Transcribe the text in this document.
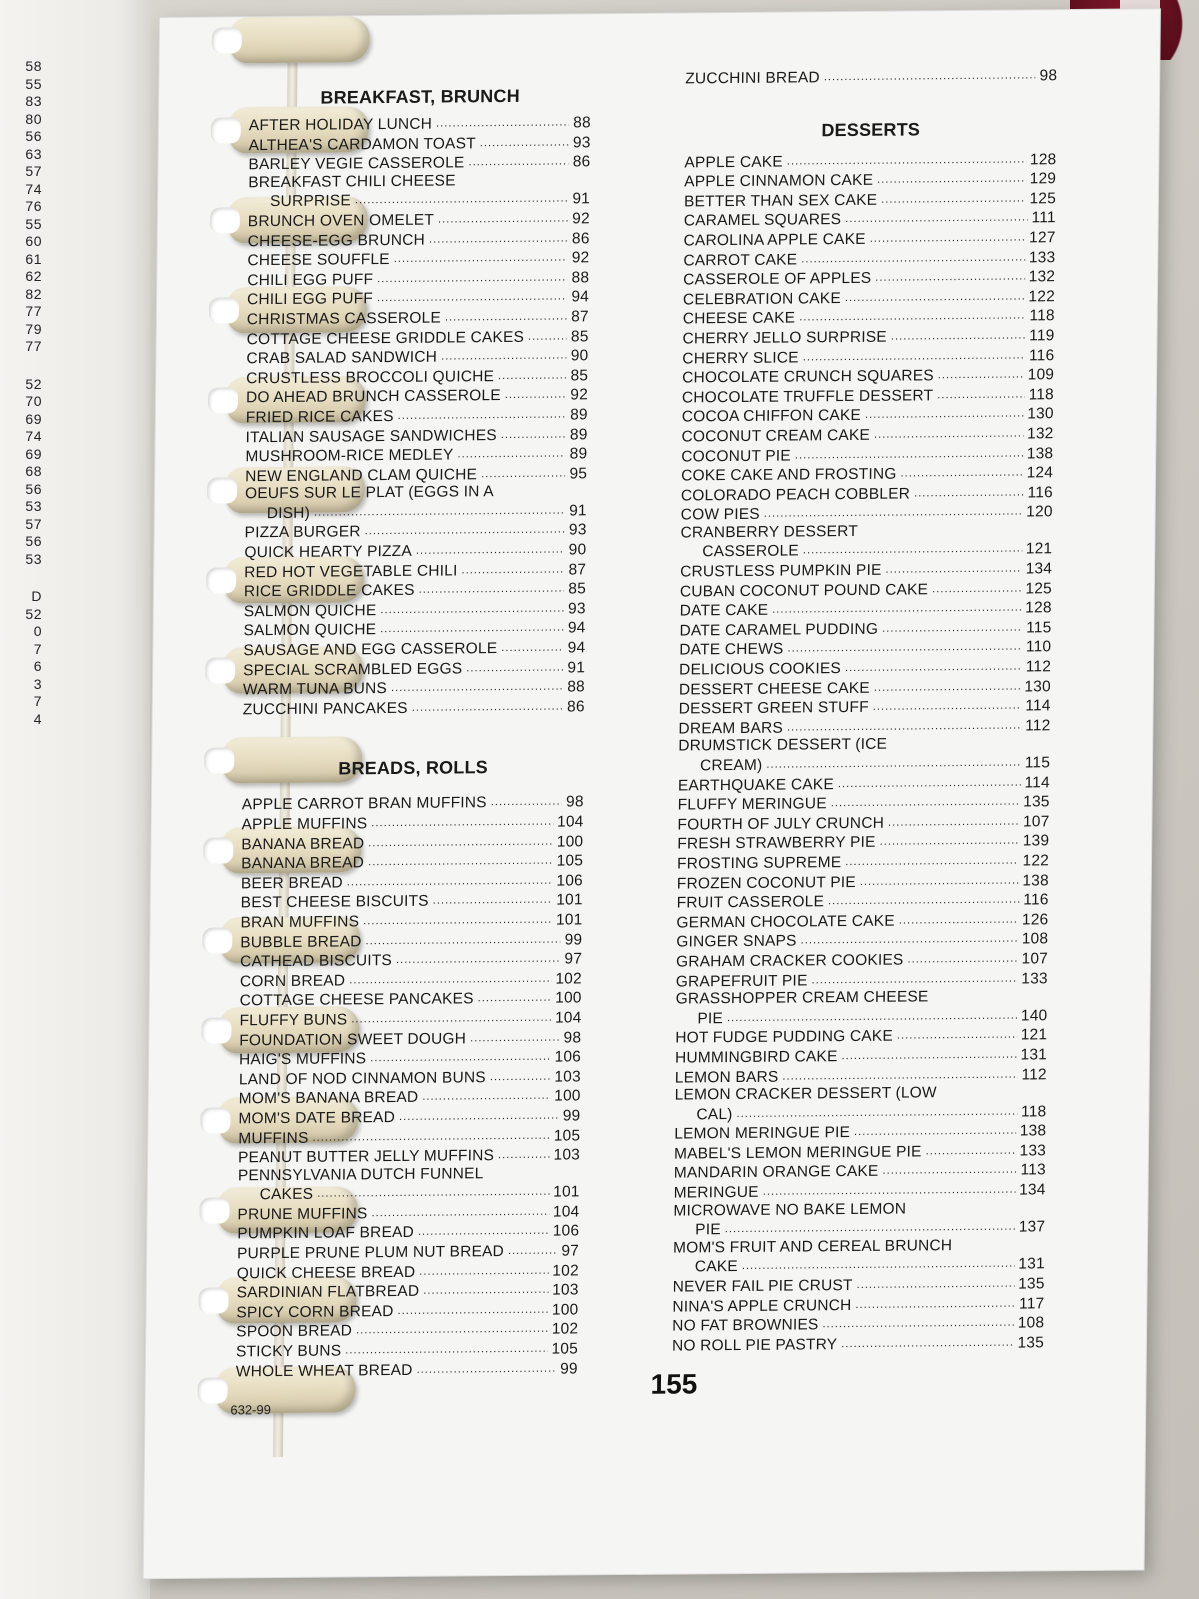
58
55
83
80
56
63
57
74
76
55
60
61
62
82
77
79
77
52
70
69
74
69
68
56
53
57
56
53
D
52
0
7
6
3
7
4

BREAKFAST, BRUNCH

AFTER HOLIDAY LUNCH . . .	88
ALTHEA'S CARDAMON TOAST . . .	93
BARLEY VEGIE CASSEROLE . . .	86
BREAKFAST CHILI CHEESE
SURPRISE . . .	91
BRUNCH OVEN OMELET . . .	92
CHEESE-EGG BRUNCH . . .	86
CHEESE SOUFFLE . . .	92
CHILI EGG PUFF . . .	88
CHILI EGG PUFF . . .	94
CHRISTMAS CASSEROLE . . .	87
COTTAGE CHEESE GRIDDLE CAKES . . .	85
CRAB SALAD SANDWICH . . .	90
CRUSTLESS BROCCOLI QUICHE . . .	85
DO AHEAD BRUNCH CASSEROLE . . .	92
FRIED RICE CAKES . . .	89
ITALIAN SAUSAGE SANDWICHES . . .	89
MUSHROOM-RICE MEDLEY . . .	89
NEW ENGLAND CLAM QUICHE . . .	95
OEUFS SUR LE PLAT (EGGS IN A
DISH) . . .	91
PIZZA BURGER . . .	93
QUICK HEARTY PIZZA . . .	90
RED HOT VEGETABLE CHILI . . .	87
RICE GRIDDLE CAKES . . .	85
SALMON QUICHE . . .	93
SALMON QUICHE . . .	94
SAUSAGE AND EGG CASSEROLE . . .	94
SPECIAL SCRAMBLED EGGS . . .	91
WARM TUNA BUNS . . .	88
ZUCCHINI PANCAKES . . .	86

BREADS, ROLLS

APPLE CARROT BRAN MUFFINS . . .	98
APPLE MUFFINS . . .	104
BANANA BREAD . . .	100
BANANA BREAD . . .	105
BEER BREAD . . .	106
BEST CHEESE BISCUITS . . .	101
BRAN MUFFINS . . .	101
BUBBLE BREAD . . .	99
CATHEAD BISCUITS . . .	97
CORN BREAD . . .	102
COTTAGE CHEESE PANCAKES . . .	100
FLUFFY BUNS . . .	104
FOUNDATION SWEET DOUGH . . .	98
HAIG'S MUFFINS . . .	106
LAND OF NOD CINNAMON BUNS . . .	103
MOM'S BANANA BREAD . . .	100
MOM'S DATE BREAD . . .	99
MUFFINS . . .	105
PEANUT BUTTER JELLY MUFFINS . . .	103
PENNSYLVANIA DUTCH FUNNEL
CAKES . . .	101
PRUNE MUFFINS . . .	104
PUMPKIN LOAF BREAD . . .	106
PURPLE PRUNE PLUM NUT BREAD . . .	97
QUICK CHEESE BREAD . . .	102
SARDINIAN FLATBREAD . . .	103
SPICY CORN BREAD . . .	100
SPOON BREAD . . .	102
STICKY BUNS . . .	105
WHOLE WHEAT BREAD . . .	99
ZUCCHINI BREAD . . .	98

DESSERTS

APPLE CAKE . . .	128
APPLE CINNAMON CAKE . . .	129
BETTER THAN SEX CAKE . . .	125
CARAMEL SQUARES . . .	111
CAROLINA APPLE CAKE . . .	127
CARROT CAKE . . .	133
CASSEROLE OF APPLES . . .	132
CELEBRATION CAKE . . .	122
CHEESE CAKE . . .	118
CHERRY JELLO SURPRISE . . .	119
CHERRY SLICE . . .	116
CHOCOLATE CRUNCH SQUARES . . .	109
CHOCOLATE TRUFFLE DESSERT . . .	118
COCOA CHIFFON CAKE . . .	130
COCONUT CREAM CAKE . . .	132
COCONUT PIE . . .	138
COKE CAKE AND FROSTING . . .	124
COLORADO PEACH COBBLER . . .	116
COW PIES . . .	120
CRANBERRY DESSERT
CASSEROLE . . .	121
CRUSTLESS PUMPKIN PIE . . .	134
CUBAN COCONUT POUND CAKE . . .	125
DATE CAKE . . .	128
DATE CARAMEL PUDDING . . .	115
DATE CHEWS . . .	110
DELICIOUS COOKIES . . .	112
DESSERT CHEESE CAKE . . .	130
DESSERT GREEN STUFF . . .	114
DREAM BARS . . .	112
DRUMSTICK DESSERT (ICE
CREAM) . . .	115
EARTHQUAKE CAKE . . .	114
FLUFFY MERINGUE . . .	135
FOURTH OF JULY CRUNCH . . .	107
FRESH STRAWBERRY PIE . . .	139
FROSTING SUPREME . . .	122
FROZEN COCONUT PIE . . .	138
FRUIT CASSEROLE . . .	116
GERMAN CHOCOLATE CAKE . . .	126
GINGER SNAPS . . .	108
GRAHAM CRACKER COOKIES . . .	107
GRAPEFRUIT PIE . . .	133
GRASSHOPPER CREAM CHEESE
PIE . . .	140
HOT FUDGE PUDDING CAKE . . .	121
HUMMINGBIRD CAKE . . .	131
LEMON BARS . . .	112
LEMON CRACKER DESSERT (LOW
CAL) . . .	118
LEMON MERINGUE PIE . . .	138
MABEL'S LEMON MERINGUE PIE . . .	133
MANDARIN ORANGE CAKE . . .	113
MERINGUE . . .	134
MICROWAVE NO BAKE LEMON
PIE . . .	137
MOM'S FRUIT AND CEREAL BRUNCH
CAKE . . .	131
NEVER FAIL PIE CRUST . . .	135
NINA'S APPLE CRUNCH . . .	117
NO FAT BROWNIES . . .	108
NO ROLL PIE PASTRY . . .	135
155
632-99
